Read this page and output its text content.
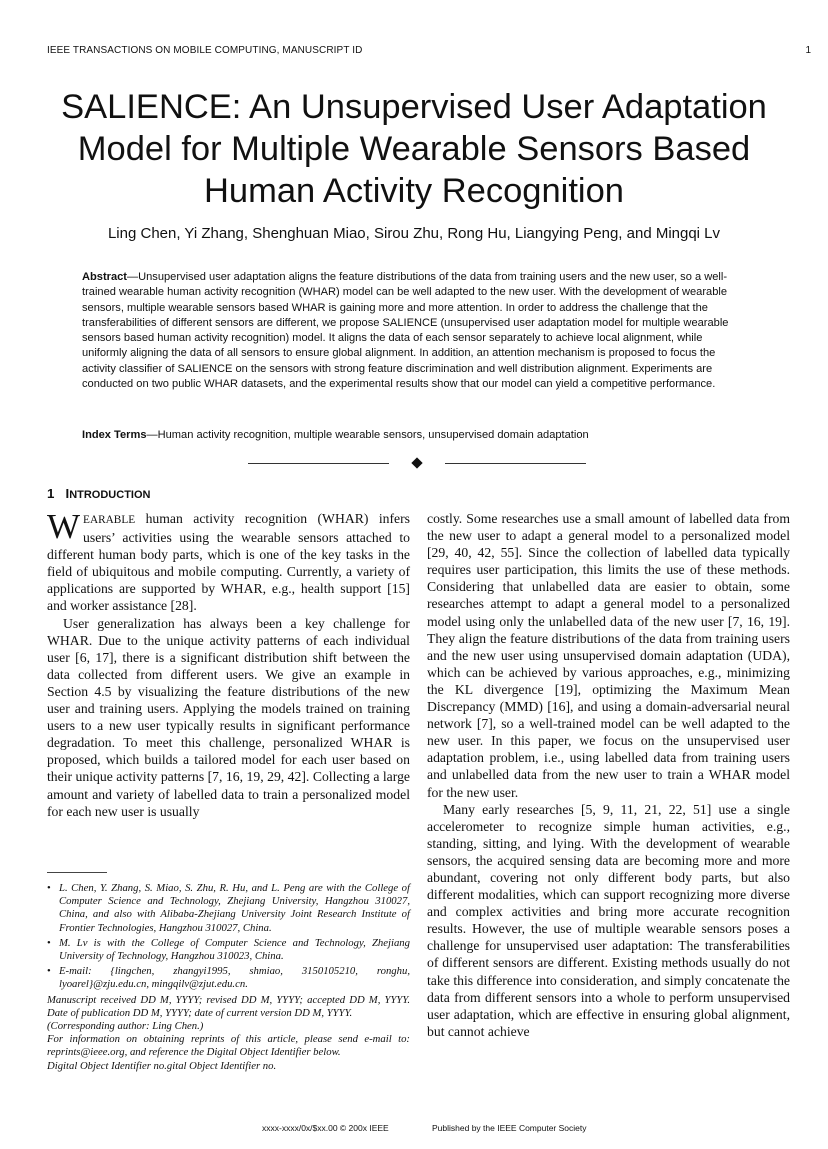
IEEE TRANSACTIONS ON MOBILE COMPUTING, MANUSCRIPT ID	1
SALIENCE: An Unsupervised User Adaptation Model for Multiple Wearable Sensors Based Human Activity Recognition
Ling Chen, Yi Zhang, Shenghuan Miao, Sirou Zhu, Rong Hu, Liangying Peng, and Mingqi Lv
Abstract—Unsupervised user adaptation aligns the feature distributions of the data from training users and the new user, so a well-trained wearable human activity recognition (WHAR) model can be well adapted to the new user. With the development of wearable sensors, multiple wearable sensors based WHAR is gaining more and more attention. In order to address the challenge that the transferabilities of different sensors are different, we propose SALIENCE (unsupervised user adaptation model for multiple wearable sensors based human activity recognition) model. It aligns the data of each sensor separately to achieve local alignment, while uniformly aligning the data of all sensors to ensure global alignment. In addition, an attention mechanism is proposed to focus the activity classifier of SALIENCE on the sensors with strong feature discrimination and well distribution alignment. Experiments are conducted on two public WHAR datasets, and the experimental results show that our model can yield a competitive performance.
Index Terms—Human activity recognition, multiple wearable sensors, unsupervised domain adaptation
1 INTRODUCTION

WEARABLE human activity recognition (WHAR) infers users’ activities using the wearable sensors attached to different human body parts, which is one of the key tasks in the field of ubiquitous and mobile computing. Currently, a variety of applications are supported by WHAR, e.g., health support [15] and worker assistance [28].

User generalization has always been a key challenge for WHAR. Due to the unique activity patterns of each individual user [6, 17], there is a significant distribution shift between the data collected from different users. We give an example in Section 4.5 by visualizing the feature distributions of the new user and training users. Applying the models trained on training users to a new user typically results in significant performance degradation. To meet this challenge, personalized WHAR is proposed, which builds a tailored model for each user based on their unique activity patterns [7, 16, 19, 29, 42]. Collecting a large amount and variety of labelled data to train a personalized model for each new user is usually

costly. Some researches use a small amount of labelled data from the new user to adapt a general model to a personalized model [29, 40, 42, 55]. Since the collection of labelled data typically requires user participation, this limits the use of these methods. Considering that unlabelled data are easier to obtain, some researches attempt to adapt a general model to a personalized model using only the unlabelled data of the new user [7, 16, 19]. They align the feature distributions of the data from training users and the new user using unsupervised domain adaptation (UDA), which can be achieved by various approaches, e.g., minimizing the KL divergence [19], optimizing the Maximum Mean Discrepancy (MMD) [16], and using a domain-adversarial neural network [7], so a well-trained model can be well adapted to the new user. In this paper, we focus on the unsupervised user adaptation problem, i.e., using labelled data from training users and unlabelled data from the new user to train a WHAR model for the new user.

Many early researches [5, 9, 11, 21, 22, 51] use a single accelerometer to recognize simple human activities, e.g., standing, sitting, and lying. With the development of wearable sensors, the acquired sensing data are becoming more and more abundant, covering not only different body parts, but also different modalities, which can support recognizing more diverse and complex activities and bring more accurate recognition results. However, the use of multiple wearable sensors poses a challenge for unsupervised user adaptation: The transferabilities of different sensors are different. Existing methods usually do not take this difference into consideration, and simply concatenate the data from different sensors into a whole to perform unsupervised user adaptation, which are effective in ensuring global alignment, but cannot achieve

• L. Chen, Y. Zhang, S. Miao, S. Zhu, R. Hu, and L. Peng are with the College of Computer Science and Technology, Zhejiang University, Hangzhou 310027, China, and also with Alibaba-Zhejiang University Joint Research Institute of Frontier Technologies, Hangzhou 310027, China.
• M. Lv is with the College of Computer Science and Technology, Zhejiang University of Technology, Hangzhou 310023, China.
• E-mail: {lingchen, zhangyi1995, shmiao, 3150105210, ronghu, lyoarel}@zju.edu.cn, mingqilv@zjut.edu.cn.

Manuscript received DD M, YYYY; revised DD M, YYYY; accepted DD M, YYYY. Date of publication DD M, YYYY; date of current version DD M, YYYY.

(Corresponding author: Ling Chen.)

For information on obtaining reprints of this article, please send e-mail to: reprints@ieee.org, and reference the Digital Object Identifier below.

Digital Object Identifier no.gital Object Identifier no.

xxxx-xxxx/0x/$xx.00 © 200x IEEE	Published by the IEEE Computer Society
